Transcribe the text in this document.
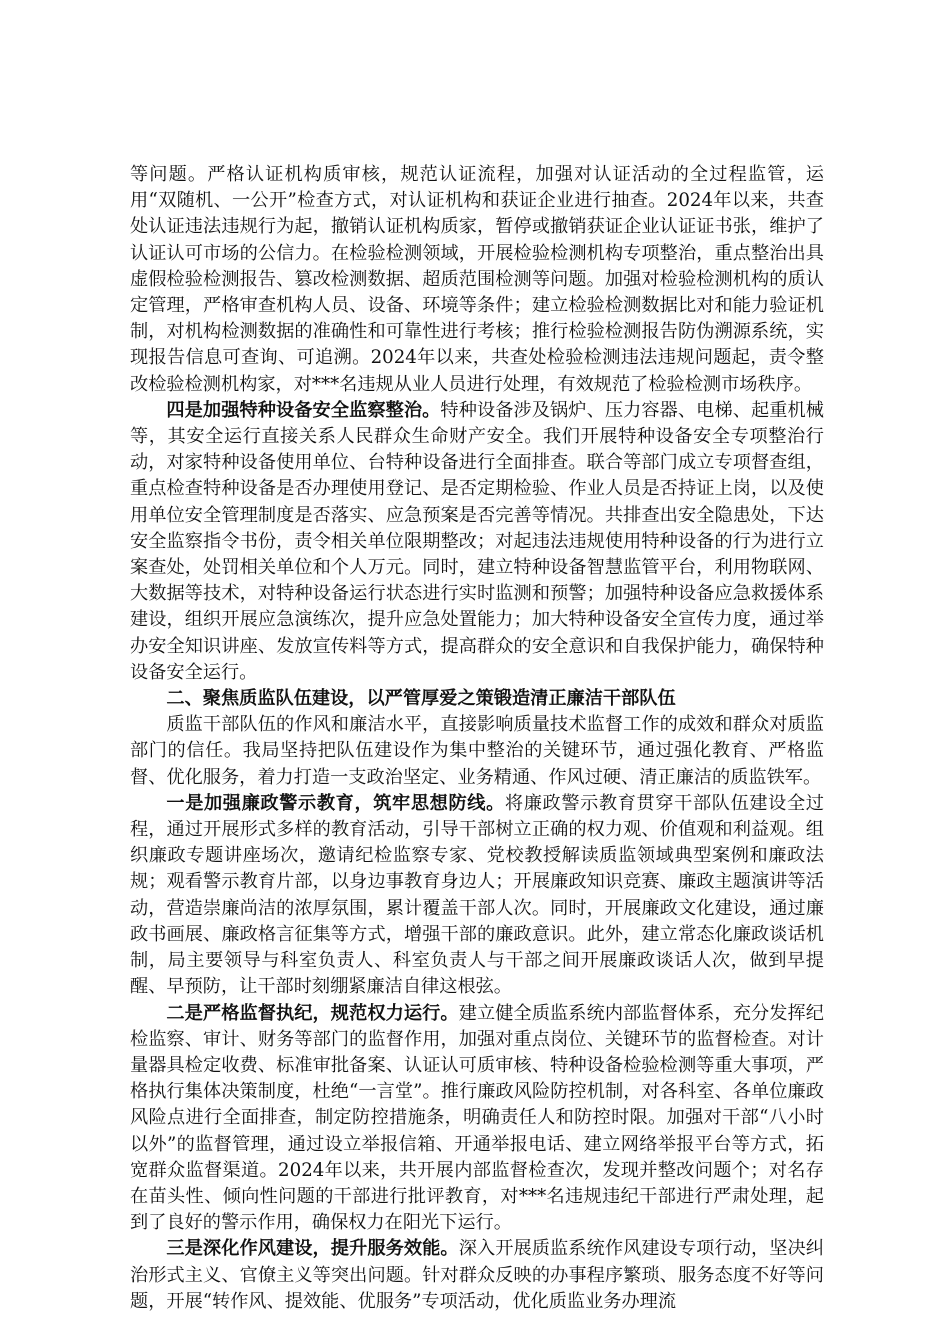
等问题。严格认证机构质审核，规范认证流程，加强对认证活动的全过程监管，运用“双随机、一公开”检查方式，对认证机构和获证企业进行抽查。2024年以来，共查处认证违法违规行为起，撤销认证机构质家，暂停或撤销获证企业认证证书张，维护了认证认可市场的公信力。在检验检测领域，开展检验检测机构专项整治，重点整治出具虚假检验检测报告、篡改检测数据、超质范围检测等问题。加强对检验检测机构的质认定管理，严格审查机构人员、设备、环境等条件；建立检验检测数据比对和能力验证机制，对机构检测数据的准确性和可靠性进行考核；推行检验检测报告防伪溯源系统，实现报告信息可查询、可追溯。2024年以来，共查处检验检测违法违规问题起，责令整改检验检测机构家，对***名违规从业人员进行处理，有效规范了检验检测市场秩序。

四是加强特种设备安全监察整治。特种设备涉及锅炉、压力容器、电梯、起重机械等，其安全运行直接关系人民群众生命财产安全。我们开展特种设备安全专项整治行动，对家特种设备使用单位、台特种设备进行全面排查。联合等部门成立专项督查组，重点检查特种设备是否办理使用登记、是否定期检验、作业人员是否持证上岗，以及使用单位安全管理制度是否落实、应急预案是否完善等情况。共排查出安全隐患处，下达安全监察指令书份，责令相关单位限期整改；对起违法违规使用特种设备的行为进行立案查处，处罚相关单位和个人万元。同时，建立特种设备智慧监管平台，利用物联网、大数据等技术，对特种设备运行状态进行实时监测和预警；加强特种设备应急救援体系建设，组织开展应急演练次，提升应急处置能力；加大特种设备安全宣传力度，通过举办安全知识讲座、发放宣传料等方式，提高群众的安全意识和自我保护能力，确保特种设备安全运行。

二、聚焦质监队伍建设，以严管厚爱之策锻造清正廉洁干部队伍

质监干部队伍的作风和廉洁水平，直接影响质量技术监督工作的成效和群众对质监部门的信任。我局坚持把队伍建设作为集中整治的关键环节，通过强化教育、严格监督、优化服务，着力打造一支政治坚定、业务精通、作风过硬、清正廉洁的质监铁军。

一是加强廉政警示教育，筑牢思想防线。将廉政警示教育贯穿干部队伍建设全过程，通过开展形式多样的教育活动，引导干部树立正确的权力观、价值观和利益观。组织廉政专题讲座场次，邀请纪检监察专家、党校教授解读质监领域典型案例和廉政法规；观看警示教育片部，以身边事教育身边人；开展廉政知识竞赛、廉政主题演讲等活动，营造崇廉尚洁的浓厚氛围，累计覆盖干部人次。同时，开展廉政文化建设，通过廉政书画展、廉政格言征集等方式，增强干部的廉政意识。此外，建立常态化廉政谈话机制，局主要领导与科室负责人、科室负责人与干部之间开展廉政谈话人次，做到早提醒、早预防，让干部时刻绷紧廉洁自律这根弦。

二是严格监督执纪，规范权力运行。建立健全质监系统内部监督体系，充分发挥纪检监察、审计、财务等部门的监督作用，加强对重点岗位、关键环节的监督检查。对计量器具检定收费、标准审批备案、认证认可质审核、特种设备检验检测等重大事项，严格执行集体决策制度，杜绝“一言堂”。推行廉政风险防控机制，对各科室、各单位廉政风险点进行全面排查，制定防控措施条，明确责任人和防控时限。加强对干部“八小时以外”的监督管理，通过设立举报信箱、开通举报电话、建立网络举报平台等方式，拓宽群众监督渠道。2024年以来，共开展内部监督检查次，发现并整改问题个；对名存在苗头性、倾向性问题的干部进行批评教育，对***名违规违纪干部进行严肃处理，起到了良好的警示作用，确保权力在阳光下运行。

三是深化作风建设，提升服务效能。深入开展质监系统作风建设专项行动，坚决纠治形式主义、官僚主义等突出问题。针对群众反映的办事程序繁琐、服务态度不好等问题，开展“转作风、提效能、优服务”专项活动，优化质监业务办理流
